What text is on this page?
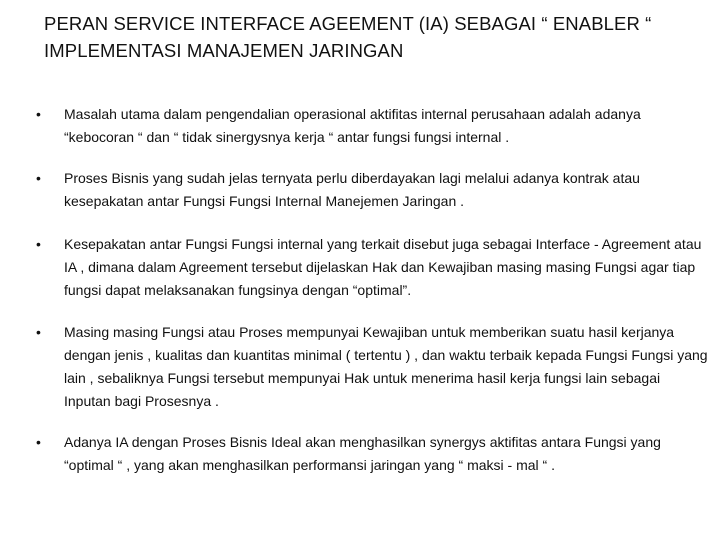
PERAN SERVICE INTERFACE AGEEMENT (IA) SEBAGAI “ ENABLER “ IMPLEMENTASI MANAJEMEN JARINGAN
• Masalah utama dalam pengendalian operasional aktifitas internal perusahaan adalah adanya “kebocoran “ dan “ tidak sinergysnya kerja “ antar fungsi fungsi internal .

• Proses Bisnis yang sudah jelas ternyata perlu diberdayakan lagi melalui adanya kontrak atau kesepakatan antar Fungsi Fungsi Internal Manejemen Jaringan .

• Kesepakatan antar Fungsi Fungsi internal yang terkait disebut juga sebagai Interface - Agreement atau IA , dimana dalam Agreement tersebut dijelaskan Hak dan Kewajiban masing masing Fungsi agar tiap fungsi dapat melaksanakan fungsinya dengan “optimal”.

• Masing masing Fungsi atau Proses mempunyai Kewajiban untuk memberikan suatu hasil kerjanya dengan jenis , kualitas dan kuantitas minimal ( tertentu ) , dan waktu terbaik kepada Fungsi Fungsi yang lain , sebaliknya Fungsi tersebut mempunyai Hak untuk menerima hasil kerja fungsi lain sebagai Inputan bagi Prosesnya .

• Adanya IA dengan Proses Bisnis Ideal akan menghasilkan synergys aktifitas antara Fungsi yang “optimal “ , yang akan menghasilkan performansi jaringan yang “ maksi - mal “ .
